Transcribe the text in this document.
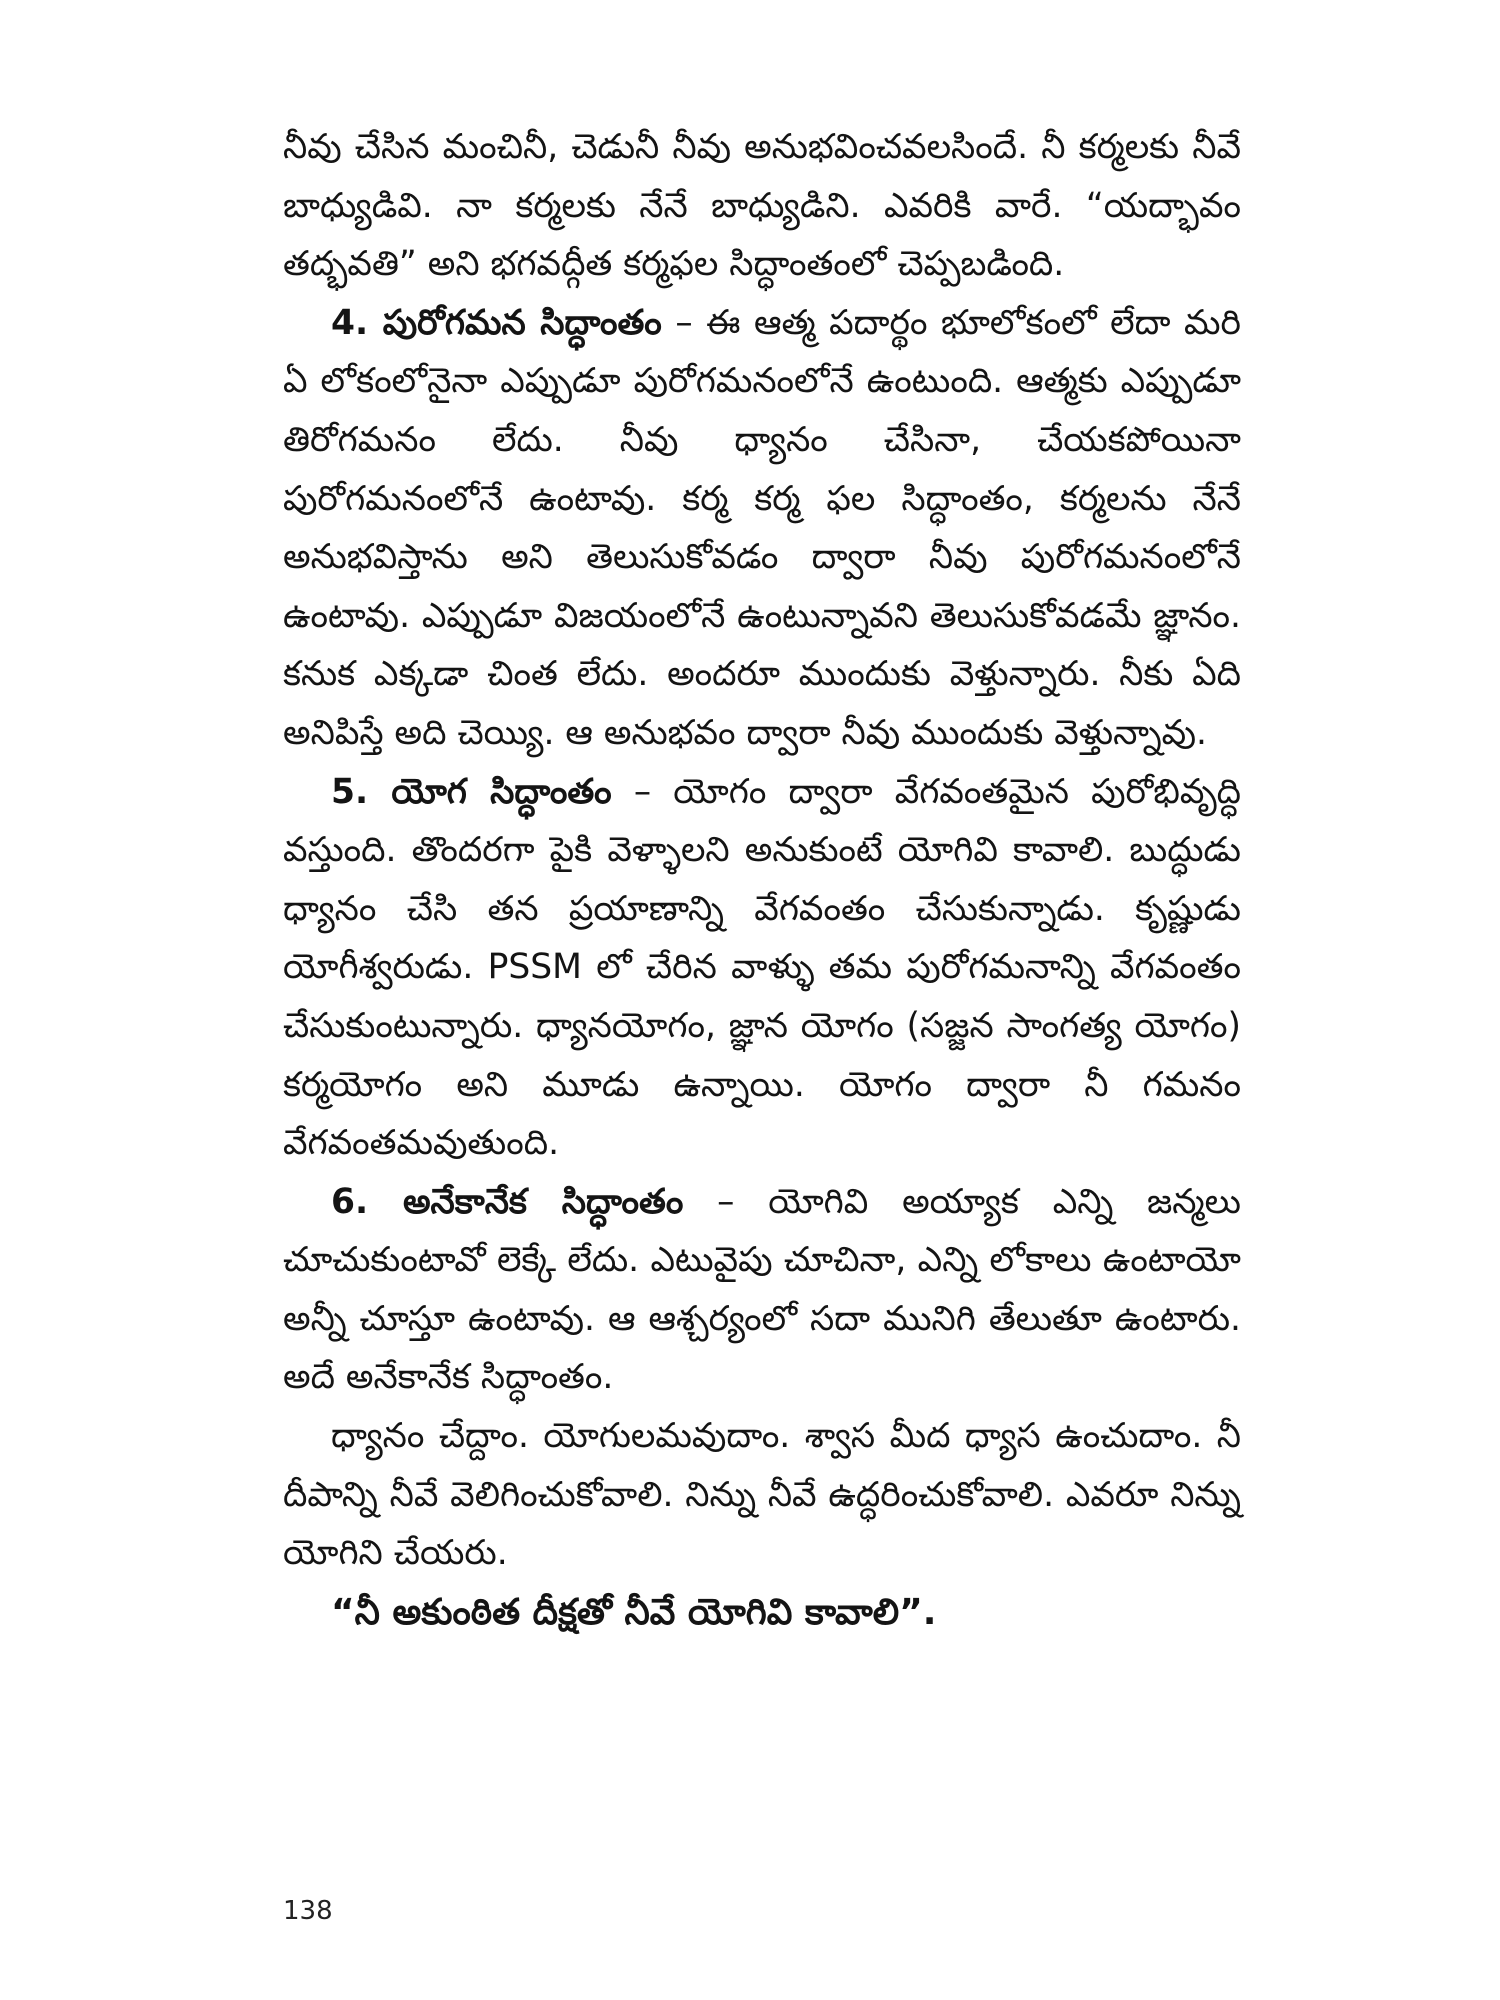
నీవు చేసిన మంచినీ, చెడునీ నీవు అనుభవించవలసిందే. నీ కర్మలకు నీవే బాధ్యుడివి. నా కర్మలకు నేనే బాధ్యుడిని. ఎవరికి వారే. “యద్భావం తద్భవతి” అని భగవద్గీత కర్మఫల సిద్ధాంతంలో చెప్పబడింది.

4. పురోగమన సిద్ధాంతం – ఈ ఆత్మ పదార్థం భూలోకంలో లేదా మరి ఏ లోకంలోనైనా ఎప్పుడూ పురోగమనంలోనే ఉంటుంది. ఆత్మకు ఎప్పుడూ తిరోగమనం లేదు. నీవు ధ్యానం చేసినా, చేయకపోయినా పురోగమనంలోనే ఉంటావు. కర్మ కర్మ ఫల సిద్ధాంతం, కర్మలను నేనే అనుభవిస్తాను అని తెలుసుకోవడం ద్వారా నీవు పురోగమనంలోనే ఉంటావు. ఎప్పుడూ విజయంలోనే ఉంటున్నావని తెలుసుకోవడమే జ్ఞానం. కనుక ఎక్కడా చింత లేదు. అందరూ ముందుకు వెళ్తున్నారు. నీకు ఏది అనిపిస్తే అది చెయ్యి. ఆ అనుభవం ద్వారా నీవు ముందుకు వెళ్తున్నావు.

5. యోగ సిద్ధాంతం – యోగం ద్వారా వేగవంతమైన పురోభివృద్ధి వస్తుంది. తొందరగా పైకి వెళ్ళాలని అనుకుంటే యోగివి కావాలి. బుద్ధుడు ధ్యానం చేసి తన ప్రయాణాన్ని వేగవంతం చేసుకున్నాడు. కృష్ణుడు యోగీశ్వరుడు. PSSM లో చేరిన వాళ్ళు తమ పురోగమనాన్ని వేగవంతం చేసుకుంటున్నారు. ధ్యానయోగం, జ్ఞాన యోగం (సజ్జన సాంగత్య యోగం) కర్మయోగం అని మూడు ఉన్నాయి. యోగం ద్వారా నీ గమనం వేగవంతమవుతుంది.

6. అనేకానేక సిద్ధాంతం – యోగివి అయ్యాక ఎన్ని జన్మలు చూచుకుంటావో లెక్కే లేదు. ఎటువైపు చూచినా, ఎన్ని లోకాలు ఉంటాయో అన్నీ చూస్తూ ఉంటావు. ఆ ఆశ్చర్యంలో సదా మునిగి తేలుతూ ఉంటారు. అదే అనేకానేక సిద్ధాంతం.

ధ్యానం చేద్దాం. యోగులమవుదాం. శ్వాస మీద ధ్యాస ఉంచుదాం. నీ దీపాన్ని నీవే వెలిగించుకోవాలి. నిన్ను నీవే ఉద్ధరించుకోవాలి. ఎవరూ నిన్ను యోగిని చేయరు.

“నీ అకుంఠిత దీక్షతో నీవే యోగివి కావాలి”.

138
